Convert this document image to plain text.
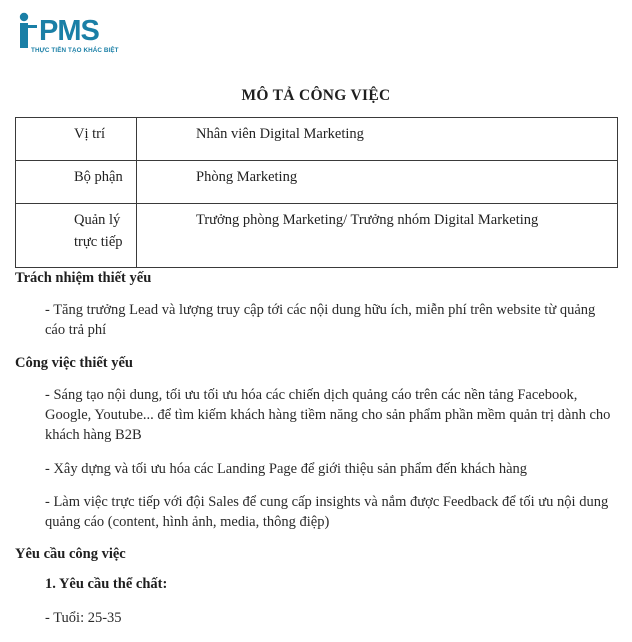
PMS
THỰC TIỄN TẠO KHÁC BIỆT
MÔ TẢ CÔNG VIỆC
Vị trí	Nhân viên Digital Marketing
Bộ phận	Phòng Marketing
Quản lý trực tiếp	Trưởng phòng Marketing/ Trưởng nhóm Digital Marketing
Trách nhiệm thiết yếu
- Tăng trưởng Lead và lượng truy cập tới các nội dung hữu ích, miễn phí trên website từ quảng cáo trả phí
Công việc thiết yếu
- Sáng tạo nội dung, tối ưu tối ưu hóa các chiến dịch quảng cáo trên các nền tảng Facebook, Google, Youtube... để tìm kiếm khách hàng tiềm năng cho sản phẩm phần mềm quản trị dành cho khách hàng B2B
- Xây dựng và tối ưu hóa các Landing Page để giới thiệu sản phẩm đến khách hàng
- Làm việc trực tiếp với đội Sales để cung cấp insights và nắm được Feedback để tối ưu nội dung quảng cáo (content, hình ảnh, media, thông điệp)
Yêu cầu công việc
1. Yêu cầu thể chất:
- Tuổi: 25-35
